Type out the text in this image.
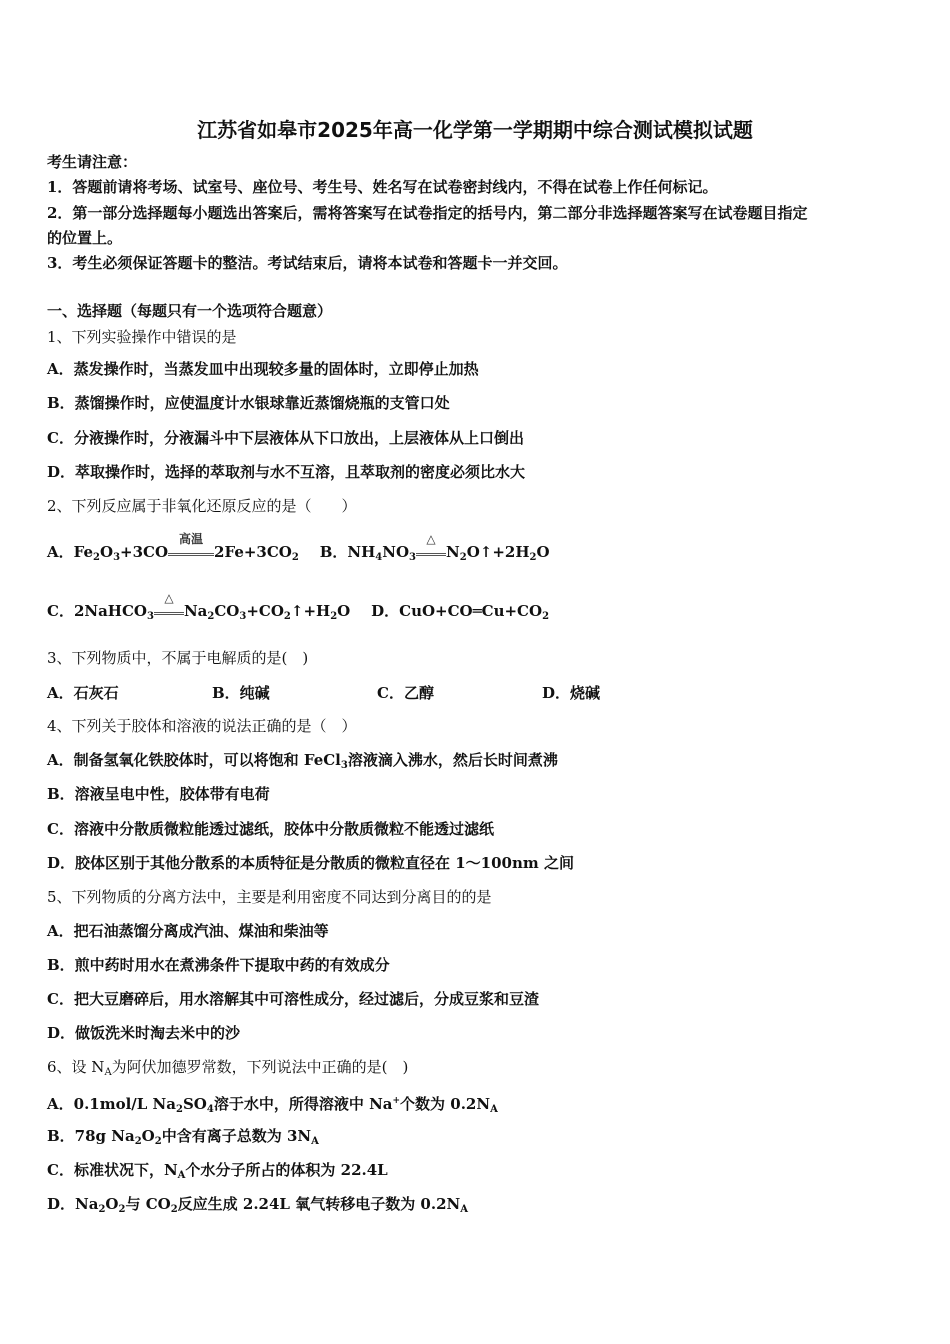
江苏省如皋市2025年高一化学第一学期期中综合测试模拟试题
考生请注意：
1．答题前请将考场、试室号、座位号、考生号、姓名写在试卷密封线内，不得在试卷上作任何标记。
2．第一部分选择题每小题选出答案后，需将答案写在试卷指定的括号内，第二部分非选择题答案写在试卷题目指定
的位置上。
3．考生必须保证答题卡的整洁。考试结束后，请将本试卷和答题卡一并交回。
一、选择题（每题只有一个选项符合题意）
1、下列实验操作中错误的是
A．蒸发操作时，当蒸发皿中出现较多量的固体时，立即停止加热
B．蒸馏操作时，应使温度计水银球靠近蒸馏烧瓶的支管口处
C．分液操作时，分液漏斗中下层液体从下口放出，上层液体从上口倒出
D．萃取操作时，选择的萃取剂与水不互溶，且萃取剂的密度必须比水大
2、下列反应属于非氧化还原反应的是（　　）
A．$Fe_2O_3+3CO$
高温
$2Fe+3CO_2$    B．$NH_4NO_3$
△
$N_2O↑+2H_2O$
C．2NaHCO$_3$
△
$Na_2CO_3+CO_2↑+H_2O$    D．$CuO+CO═Cu+CO_2$
3、下列物质中，不属于电解质的是(　)
A．石灰石	B．纯碱	C．乙醇	D．烧碱
4、下列关于胶体和溶液的说法正确的是（　）
A．制备氢氧化铁胶体时，可以将饱和 FeCl$_3$溶液滴入沸水，然后长时间煮沸
B．溶液呈电中性，胶体带有电荷
C．溶液中分散质微粒能透过滤纸，胶体中分散质微粒不能透过滤纸
D．胶体区别于其他分散系的本质特征是分散质的微粒直径在 1～100nm 之间
5、下列物质的分离方法中，主要是利用密度不同达到分离目的的是
A．把石油蒸馏分离成汽油、煤油和柴油等
B．煎中药时用水在煮沸条件下提取中药的有效成分
C．把大豆磨碎后，用水溶解其中可溶性成分，经过滤后，分成豆浆和豆渣
D．做饭洗米时淘去米中的沙
6、设 $N_A$为阿伏加德罗常数，下列说法中正确的是(　)
A．0.1mol/L $Na_2SO_4$溶于水中，所得溶液中 Na+个数为 $0.2N_A$
B．78g $Na_2O_2$中含有离子总数为 $3N_A$
C．标准状况下，$N_A$个水分子所占的体积为 22.4L
D．$Na_2O_2$与 $CO_2$反应生成 2.24L 氧气转移电子数为 $0.2N_A$
